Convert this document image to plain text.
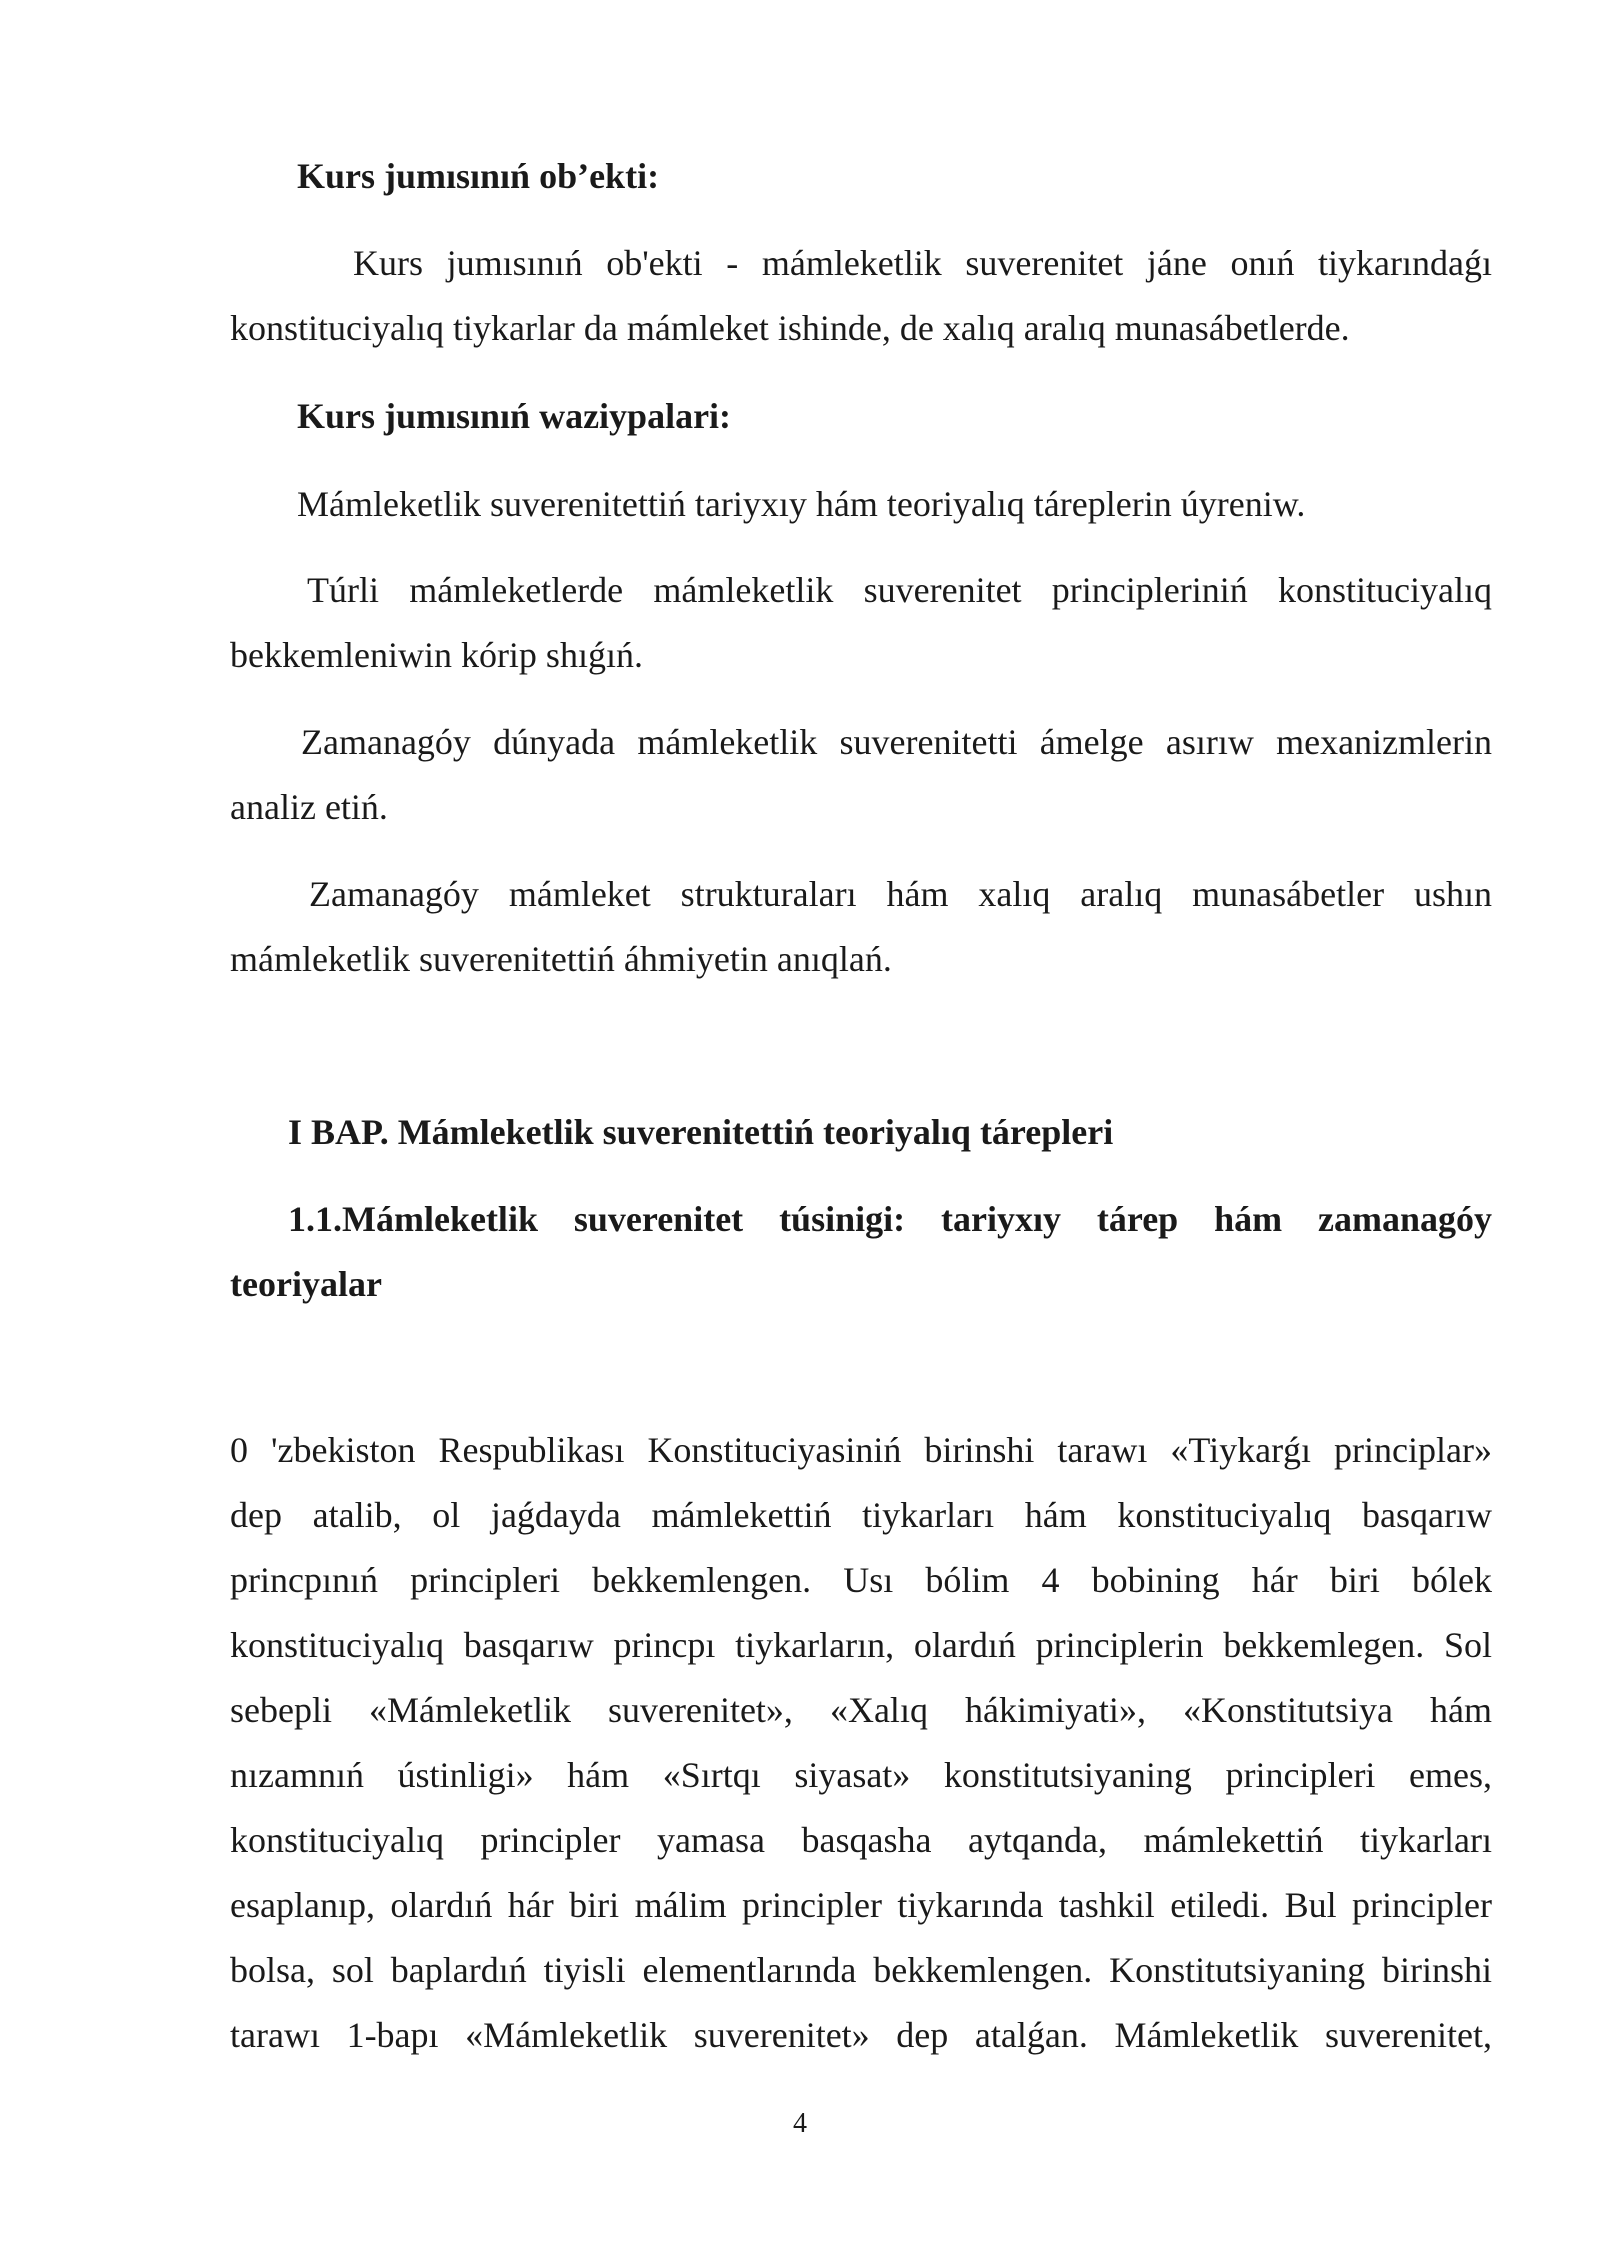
Kurs jumısınıń ob’ekti:
Kurs jumısınıń ob'ekti - mámleketlik suverenitet jáne onıń tiykarındaǵı
konstituciyalıq tiykarlar da mámleket ishinde, de xalıq aralıq munasábetlerde.
Kurs jumısınıń waziypalari:
Mámleketlik suverenitettiń tariyxıy hám teoriyalıq táreplerin úyreniw.
Túrli mámleketlerde mámleketlik suverenitet principleriniń konstituciyalıq
bekkemleniwin kórip shıǵıń.
Zamanagóy dúnyada mámleketlik suverenitetti ámelge asırıw mexanizmlerin
analiz etiń.
Zamanagóy mámleket strukturaları hám xalıq aralıq munasábetler ushın
mámleketlik suverenitettiń áhmiyetin anıqlań.
I BAP. Mámleketlik suverenitettiń teoriyalıq tárepleri
1.1.Mámleketlik suverenitet túsinigi: tariyxıy tárep hám zamanagóy
teoriyalar
0 'zbekiston Respublikası Konstituciyasiniń birinshi tarawı «Tiykarǵı principlar»
dep atalib, ol jaǵdayda mámlekettiń tiykarları hám konstituciyalıq basqarıw
princpınıń principleri bekkemlengen. Usı bólim 4 bobining hár biri bólek
konstituciyalıq basqarıw princpı tiykarların, olardıń principlerin bekkemlegen. Sol
sebepli «Mámleketlik suverenitet», «Xalıq hákimiyati», «Konstitutsiya hám
nızamnıń ústinligi» hám «Sırtqı siyasat» konstitutsiyaning principleri emes,
konstituciyalıq principler yamasa basqasha aytqanda, mámlekettiń tiykarları
esaplanıp, olardıń hár biri málim principler tiykarında tashkil etiledi. Bul principler
bolsa, sol baplardıń tiyisli elementlarında bekkemlengen. Konstitutsiyaning birinshi
tarawı 1-bapı «Mámleketlik suverenitet» dep atalǵan. Mámleketlik suverenitet,
4
